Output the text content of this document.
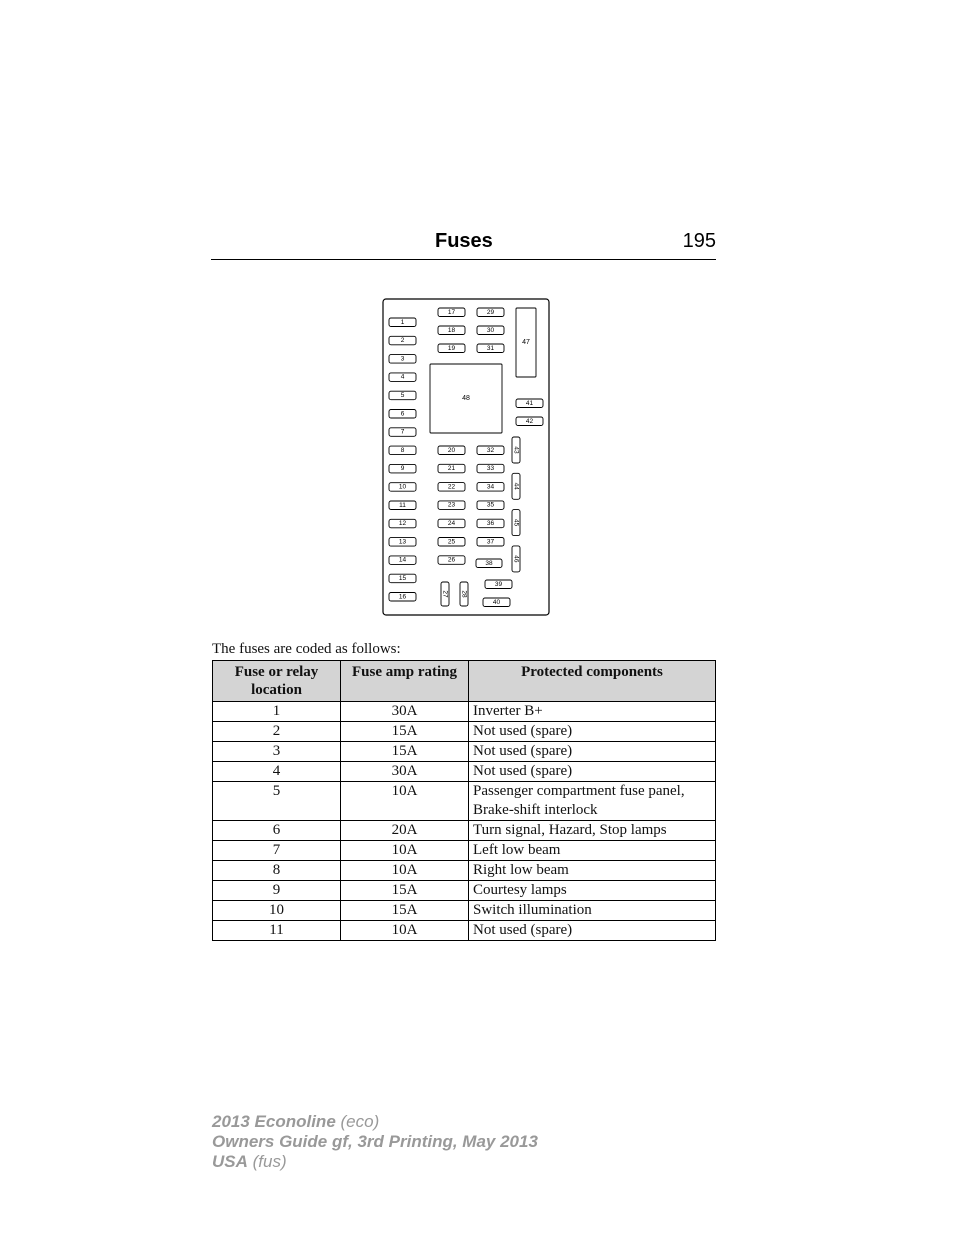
Fuses	195
1
2
3
4
5
6
7
8
9
10
11
12
13
14
15
16
17
18
19
20
21
22
23
24
25
26
27 28
29
30
31
32
33
34
35
36
37
38
39
40
41
42
43
44
45
46
47
48
The fuses are coded as follows:
Fuse or relay location	Fuse amp rating	Protected components
1	30A	Inverter B+
2	15A	Not used (spare)
3	15A	Not used (spare)
4	30A	Not used (spare)
5	10A	Passenger compartment fuse panel, Brake-shift interlock
6	20A	Turn signal, Hazard, Stop lamps
7	10A	Left low beam
8	10A	Right low beam
9	15A	Courtesy lamps
10	15A	Switch illumination
11	10A	Not used (spare)
2013 Econoline (eco)
Owners Guide gf, 3rd Printing, May 2013
USA (fus)
